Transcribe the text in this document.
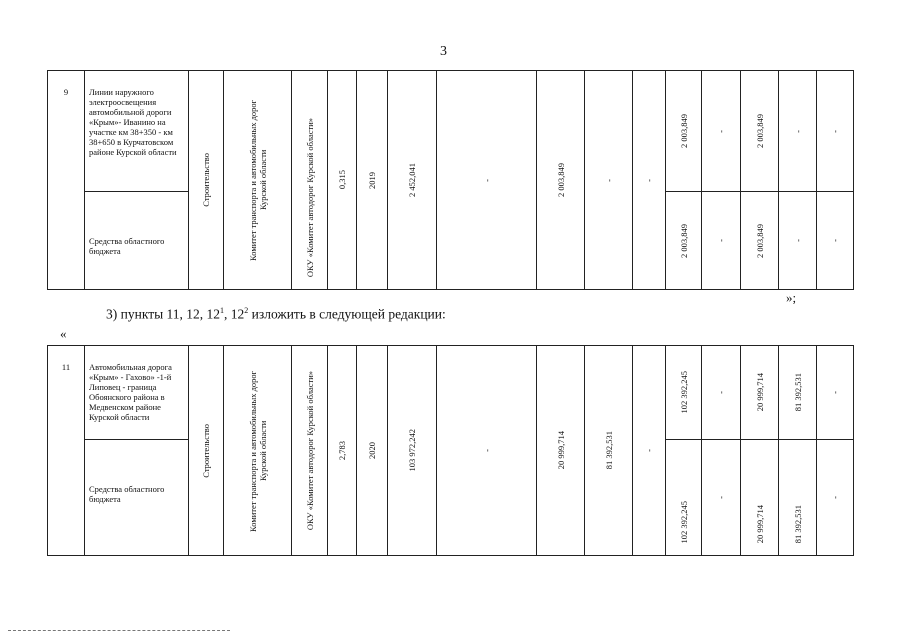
3
9	Линии наружного электроосвещения автомобильной дороги «Крым»- Иванино на участке км 38+350 - км 38+650 в Курчатовском районе Курской области	Строительство	Комитет транспорта и автомобильных дорог Курской области	ОКУ «Комитет автодорог Курской области»	0,315	2019	2 452,041	-	2 003,849	-	-	2 003,849	-	2 003,849	-	-

	Средства областного бюджета											2 003,849	-	2 003,849	-	-	
»;
3) пункты 11, 12, $12^1$, $12^2$ изложить в следующей редакции:
«
11	Автомобильная дорога «Крым» - Гахово» -1-й Липовец - граница Обоянского района в Медвенском районе Курской области	Строительство	Комитет транспорта и автомобильных дорог Курской области	ОКУ «Комитет автодорог Курской области»	2,783	2020	103 972,242	-	20 999,714	81 392,531	-	102 392,245	-	20 999,714	81 392,531	-

	Средства областного бюджета											102 392,245	-	20 999,714	81 392,531	-	
